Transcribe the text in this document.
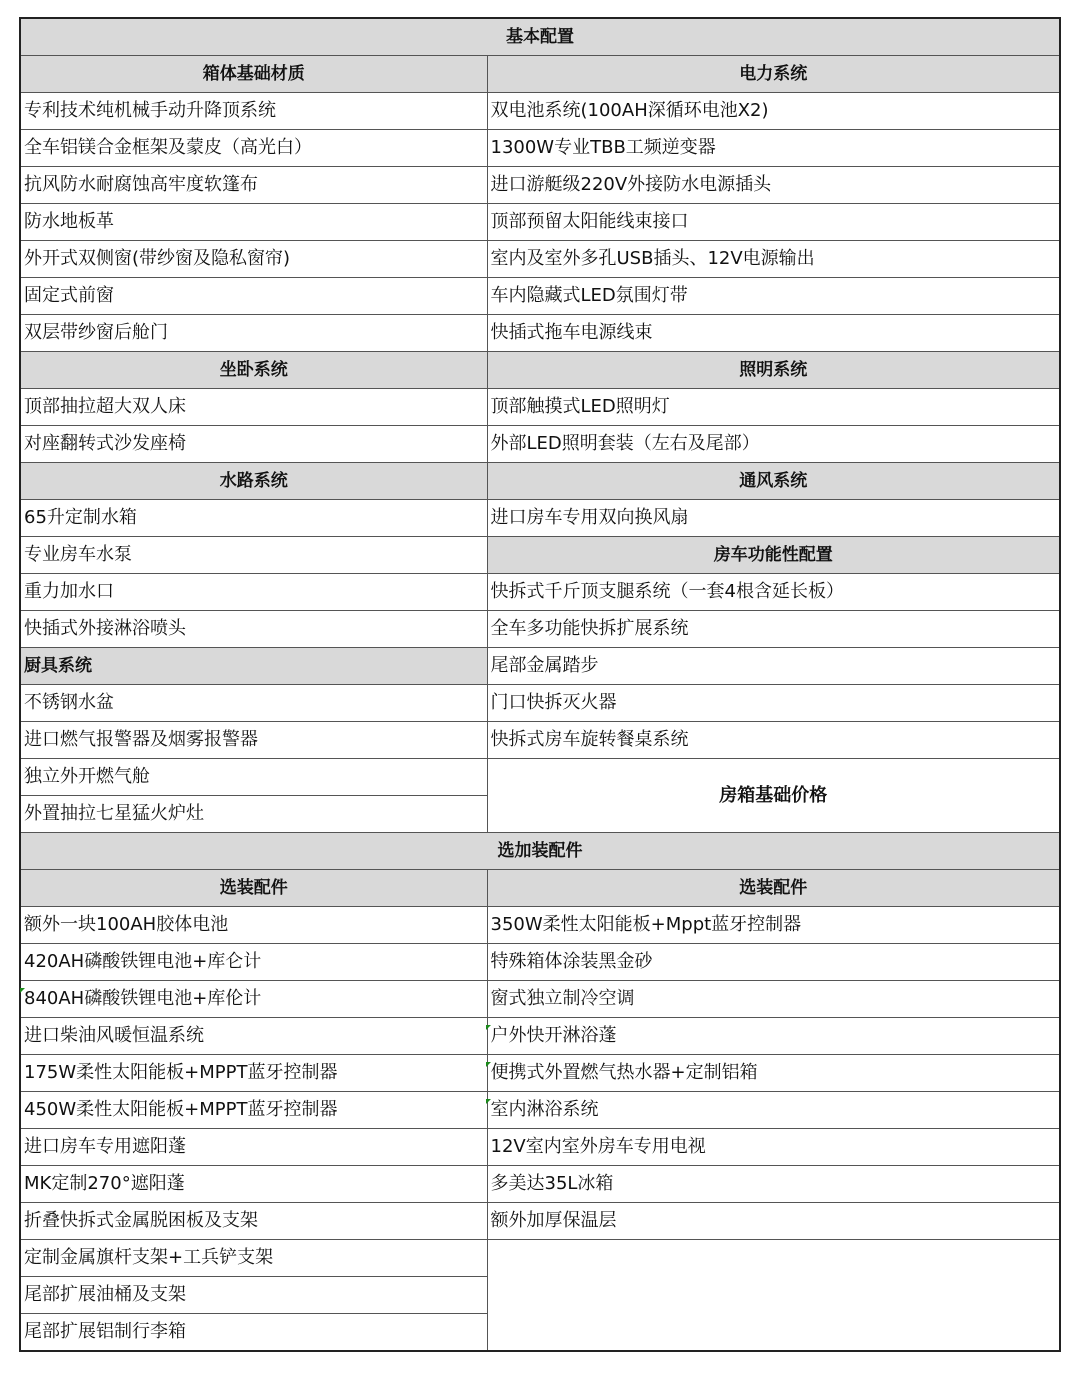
基本配置	
箱体基础材质	电力系统
专利技术纯机械手动升降顶系统	双电池系统(100AH深循环电池X2)
全车铝镁合金框架及蒙皮（高光白）	1300W专业TBB工频逆变器
抗风防水耐腐蚀高牢度软篷布	进口游艇级220V外接防水电源插头
防水地板革	顶部预留太阳能线束接口
外开式双侧窗(带纱窗及隐私窗帘)	室内及室外多孔USB插头、12V电源输出
固定式前窗	车内隐藏式LED氛围灯带
双层带纱窗后舱门	快插式拖车电源线束
坐卧系统	照明系统
顶部抽拉超大双人床	顶部触摸式LED照明灯
对座翻转式沙发座椅	外部LED照明套装（左右及尾部）
水路系统	通风系统
65升定制水箱	进口房车专用双向换风扇
专业房车水泵	房车功能性配置
重力加水口	快拆式千斤顶支腿系统（一套4根含延长板）
快插式外接淋浴喷头	全车多功能快拆扩展系统
厨具系统	尾部金属踏步
不锈钢水盆	门口快拆灭火器
进口燃气报警器及烟雾报警器	快拆式房车旋转餐桌系统
独立外开燃气舱	房箱基础价格
外置抽拉七星猛火炉灶	
选加装配件	
选装配件	选装配件
额外一块100AH胶体电池	350W柔性太阳能板+Mppt蓝牙控制器
420AH磷酸铁锂电池+库仑计	特殊箱体涂装黑金砂
840AH磷酸铁锂电池+库伦计	窗式独立制冷空调
进口柴油风暖恒温系统	户外快开淋浴蓬
175W柔性太阳能板+MPPT蓝牙控制器	便携式外置燃气热水器+定制铝箱
450W柔性太阳能板+MPPT蓝牙控制器	室内淋浴系统
进口房车专用遮阳蓬	12V室内室外房车专用电视
MK定制270°遮阳蓬	多美达35L冰箱
折叠快拆式金属脱困板及支架	额外加厚保温层
定制金属旗杆支架+工兵铲支架	
尾部扩展油桶及支架	
尾部扩展铝制行李箱	
